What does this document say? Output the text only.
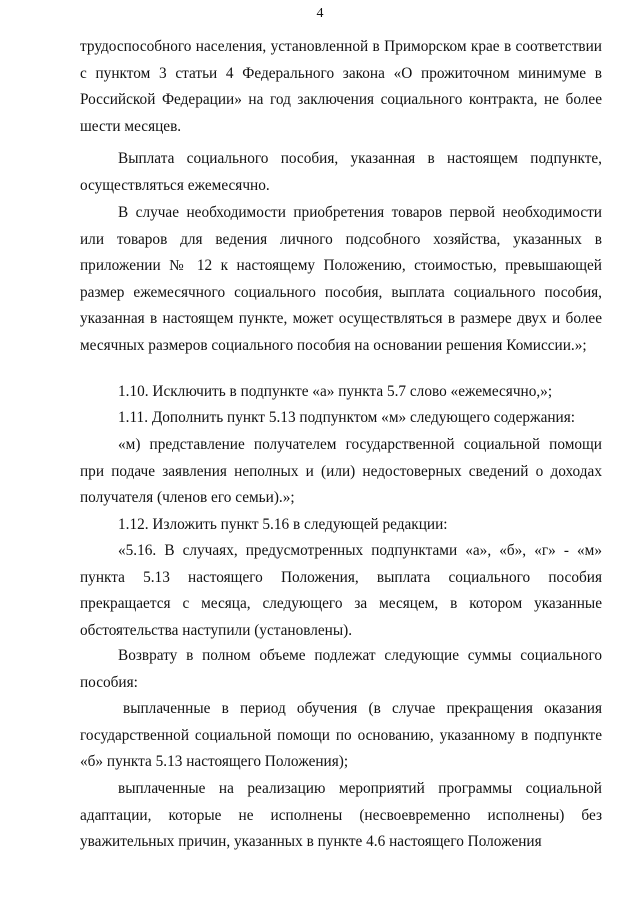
4
трудоспособного населения, установленной в Приморском крае в соответствии с пунктом 3 статьи 4 Федерального закона «О прожиточном минимуме в Российской Федерации» на год заключения социального контракта, не более шести месяцев.
Выплата социального пособия, указанная в настоящем подпункте, осуществляться ежемесячно.
В случае необходимости приобретения товаров первой необходимости или товаров для ведения личного подсобного хозяйства, указанных в приложении № 12 к настоящему Положению, стоимостью, превышающей размер ежемесячного социального пособия, выплата социального пособия, указанная в настоящем пункте, может осуществляться в размере двух и более месячных размеров социального пособия на основании решения Комиссии.»;
1.10. Исключить в подпункте «а» пункта 5.7 слово «ежемесячно,»;
1.11. Дополнить пункт 5.13 подпунктом «м» следующего содержания:
«м) представление получателем государственной социальной помощи при подаче заявления неполных и (или) недостоверных сведений о доходах получателя (членов его семьи).»;
1.12. Изложить пункт 5.16 в следующей редакции:
«5.16. В случаях, предусмотренных подпунктами «а», «б», «г» - «м» пункта 5.13 настоящего Положения, выплата социального пособия прекращается с месяца, следующего за месяцем, в котором указанные обстоятельства наступили (установлены).
Возврату в полном объеме подлежат следующие суммы социального пособия:
выплаченные в период обучения (в случае прекращения оказания государственной социальной помощи по основанию, указанному в подпункте «б» пункта 5.13 настоящего Положения);
выплаченные на реализацию мероприятий программы социальной адаптации, которые не исполнены (несвоевременно исполнены) без уважительных причин, указанных в пункте 4.6 настоящего Положения
